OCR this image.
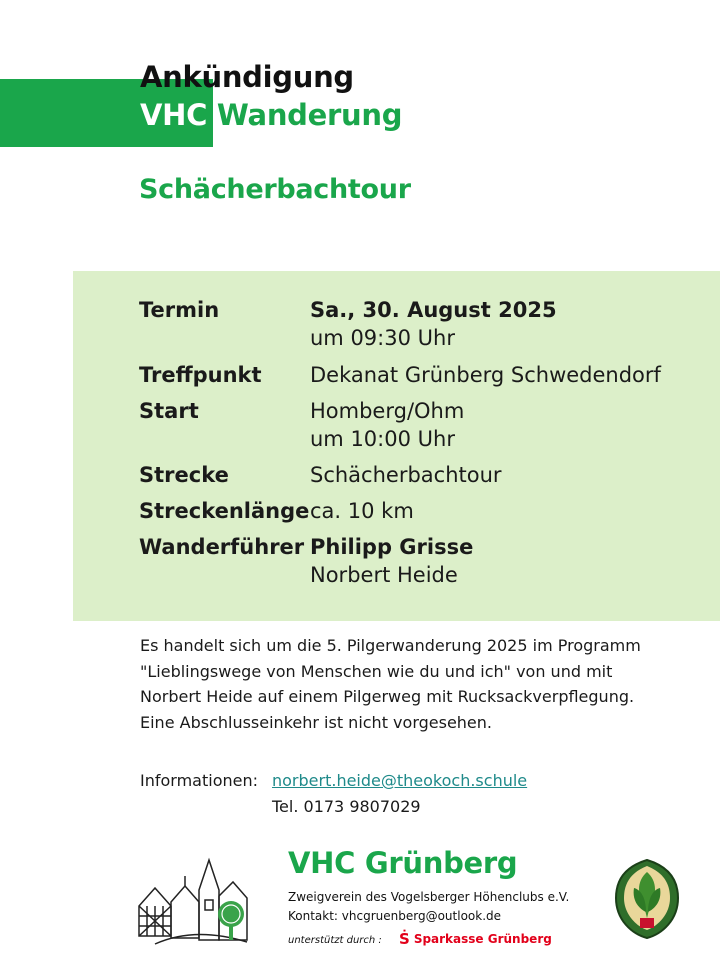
Ankündigung
VHC Wanderung
Schächerbachtour
Termin	Sa., 30. August 2025
um 09:30 Uhr
Treffpunkt Dekanat Grünberg Schwedendorf
Start	Homberg/Ohm
um 10:00 Uhr
Strecke	Schächerbachtour
Streckenlänge ca. 10 km
Wanderführer Philipp Grisse
Norbert Heide
Es handelt sich um die 5. Pilgerwanderung 2025 im Programm "Lieblingswege von Menschen wie du und ich" von und mit Norbert Heide auf einem Pilgerweg mit Rucksackverpflegung. Eine Abschlusseinkehr ist nicht vorgesehen.
Informationen: norbert.heide@theokoch.schule
Tel. 0173 9807029
VHC Grünberg
Zweigverein des Vogelsberger Höhenclubs e.V.
Kontakt: vhcgruenberg@outlook.de
unterstützt durch : Ṡ Sparkasse Grünberg
